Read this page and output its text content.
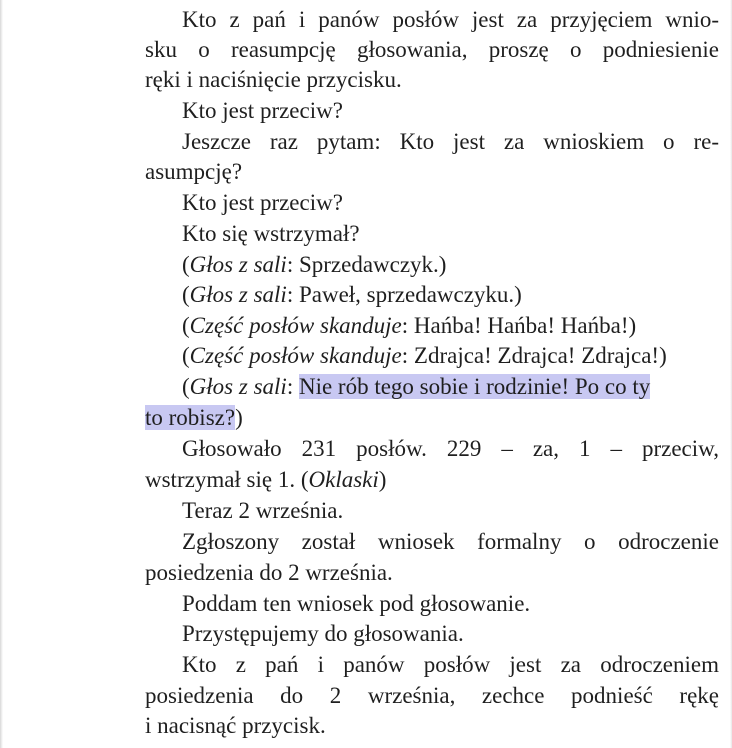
Kto z pań i panów posłów jest za przyjęciem wnio-
sku o reasumpcję głosowania, proszę o podniesienie
ręki i naciśnięcie przycisku.
Kto jest przeciw?
Jeszcze raz pytam: Kto jest za wnioskiem o re-
asumpcję?
Kto jest przeciw?
Kto się wstrzymał?
(Głos z sali: Sprzedawczyk.)
(Głos z sali: Paweł, sprzedawczyku.)
(Część posłów skanduje: Hańba! Hańba! Hańba!)
(Część posłów skanduje: Zdrajca! Zdrajca! Zdrajca!)
(Głos z sali: Nie rób tego sobie i rodzinie! Po co ty
to robisz?)
Głosowało 231 posłów. 229 – za, 1 – przeciw,
wstrzymał się 1. (Oklaski)
Teraz 2 września.
Zgłoszony został wniosek formalny o odroczenie
posiedzenia do 2 września.
Poddam ten wniosek pod głosowanie.
Przystępujemy do głosowania.
Kto z pań i panów posłów jest za odroczeniem
posiedzenia do 2 września, zechce podnieść rękę
i nacisnąć przycisk.
